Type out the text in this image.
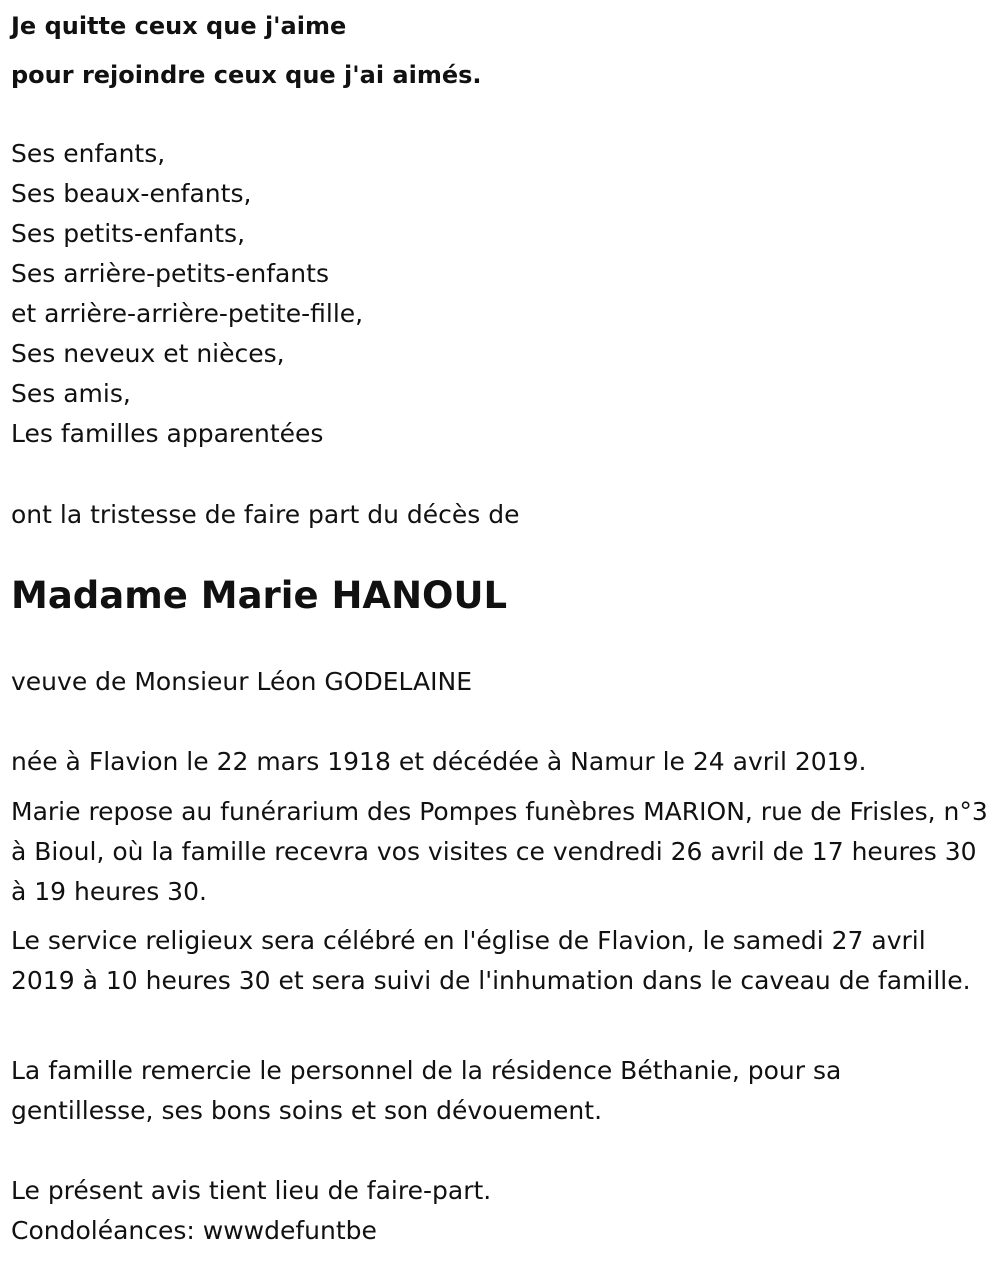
Je quitte ceux que j'aime

pour rejoindre ceux que j'ai aimés.

Ses enfants,

Ses beaux-enfants,

Ses petits-enfants,

Ses arrière-petits-enfants

et arrière-arrière-petite-fille,

Ses neveux et nièces,

Ses amis,

Les familles apparentées

ont la tristesse de faire part du décès de

Madame Marie HANOUL

veuve de Monsieur Léon GODELAINE

née à Flavion le 22 mars 1918 et décédée à Namur le 24 avril 2019.

Marie repose au funérarium des Pompes funèbres MARION, rue de Frisles, n°3 à Bioul, où la famille recevra vos visites ce vendredi 26 avril de 17 heures 30 à 19 heures 30.

Le service religieux sera célébré en l'église de Flavion, le samedi 27 avril 2019 à 10 heures 30 et sera suivi de l'inhumation dans le caveau de famille.

La famille remercie le personnel de la résidence Béthanie, pour sa gentillesse, ses bons soins et son dévouement.

Le présent avis tient lieu de faire-part.

Condoléances: wwwdefuntbe
